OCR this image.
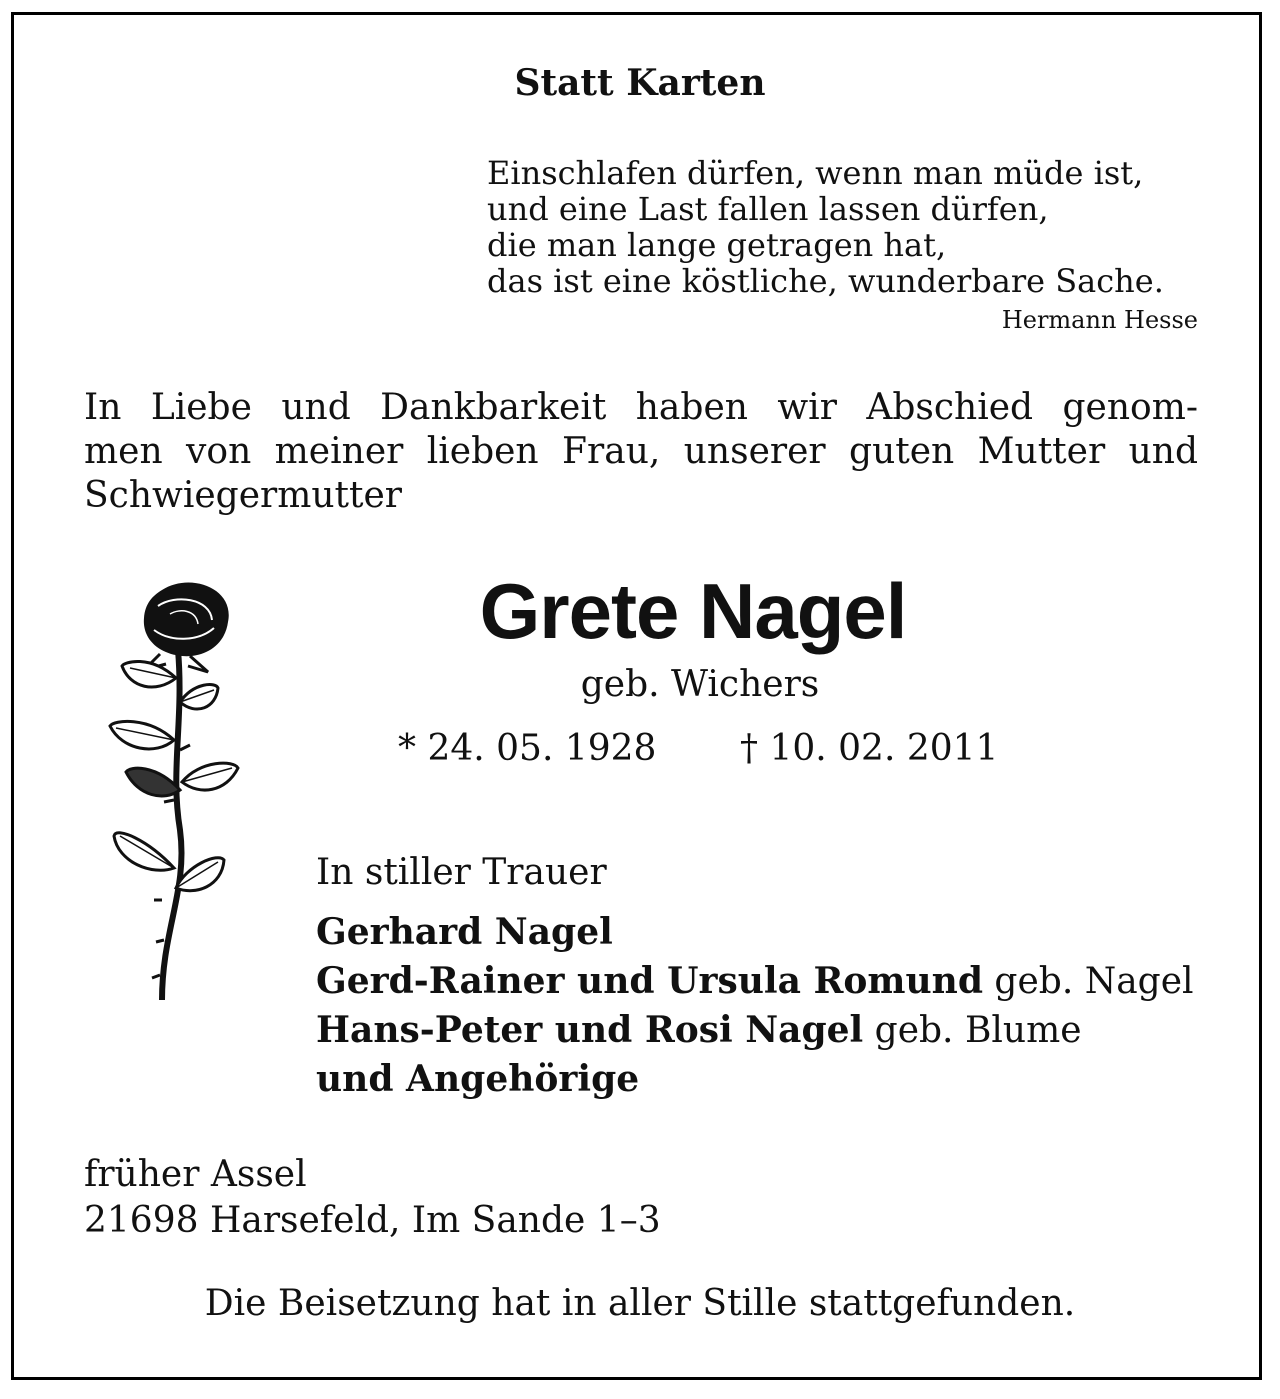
Statt Karten
Einschlafen dürfen, wenn man müde ist,
und eine Last fallen lassen dürfen,
die man lange getragen hat,
das ist eine köstliche, wunderbare Sache.
Hermann Hesse
In Liebe und Dankbarkeit haben wir Abschied genom-
men von meiner lieben Frau, unserer guten Mutter und
Schwiegermutter
Grete Nagel
geb. Wichers
* 24. 05. 1928 † 10. 02. 2011
In stiller Trauer
Gerhard Nagel
Gerd-Rainer und Ursula Romund geb. Nagel
Hans-Peter und Rosi Nagel geb. Blume
und Angehörige
früher Assel
21698 Harsefeld, Im Sande 1–3
Die Beisetzung hat in aller Stille stattgefunden.
